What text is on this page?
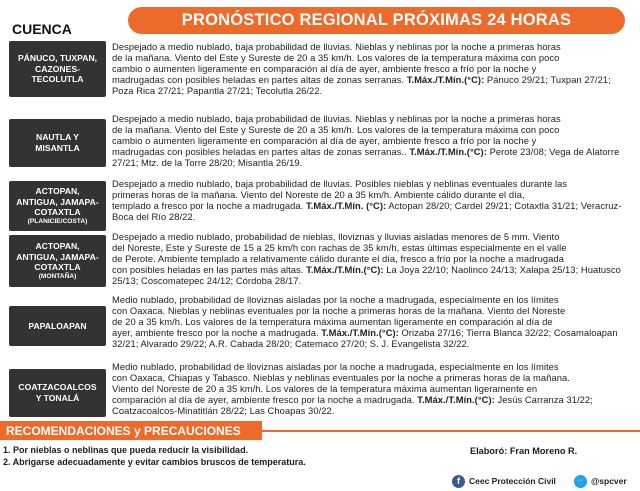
PRONÓSTICO REGIONAL PRÓXIMAS 24 HORAS
CUENCA
PÁNUCO, TUXPAN,
CAZONES-
TECOLUTLA
Despejado a medio nublado, baja probabilidad de lluvias. Nieblas y neblinas por la noche a primeras horas
de la mañana. Viento del Este y Sureste de 20 a 35 km/h. Los valores de la temperatura máxima con poco
cambio o aumenten ligeramente en comparación al día de ayer, ambiente fresco a frío por la noche y
madrugadas con posibles heladas en partes altas de zonas serranas. T.Máx./T.Mín.(°C): Pánuco 29/21; Tuxpan 27/21; Poza Rica 27/21; Papantla 27/21; Tecolutla 26/22.
NAUTLA Y
MISANTLA
Despejado a medio nublado, baja probabilidad de lluvias. Nieblas y neblinas por la noche a primeras horas
de la mañana. Viento del Este y Sureste de 20 a 35 km/h. Los valores de la temperatura máxima con poco
cambio o aumenten ligeramente en comparación al día de ayer, ambiente fresco a frío por la noche y
madrugadas con posibles heladas en partes altas de zonas serranas.. T.Máx./T.Mín.(°C): Perote 23/08; Vega de Alatorre 27/21; Mtz. de la Torre 28/20; Misantla 26/19.
ACTOPAN,
ANTIGUA, JAMAPA-
COTAXTLA
(PLANICIE/COSTA)
Despejado a medio nublado, baja probabilidad de lluvias. Posibles nieblas y neblinas eventuales durante las
primeras horas de la mañana. Viento del Noreste de 20 a 35 km/h. Ambiente cálido durante el día,
templado a fresco por la noche a madrugada. T.Máx./T.Mín. (°C): Actopan 28/20; Cardel 29/21; Cotaxtla 31/21; Veracruz-Boca del Río 28/22.
ACTOPAN,
ANTIGUA, JAMAPA-
COTAXTLA
(MONTAÑA)
Despejado a medio nublado, probabilidad de nieblas, lloviznas y lluvias aisladas menores de 5 mm. Viento
del Noreste, Este y Sureste de 15 a 25 km/h con rachas de 35 km/h, estas últimas especialmente en el valle
de Perote. Ambiente templado a relativamente cálido durante el día, fresco a frío por la noche a madrugada
con posibles heladas en las partes más altas. T.Máx./T.Mín.(°C): La Joya 22/10; Naolinco 24/13; Xalapa 25/13; Huatusco 25/13; Coscomatepec 24/12; Córdoba 28/17.
PAPALOAPAN
Medio nublado, probabilidad de lloviznas aisladas por la noche a madrugada, especialmente en los límites
con Oaxaca. Nieblas y neblinas eventuales por la noche a primeras horas de la mañana. Viento del Noreste
de 20 a 35 km/h. Los valores de la temperatura máxima aumentan ligeramente en comparación al día de
ayer, ambiente fresco por la noche a madrugada. T.Máx./T.Mín.(°C): Orizaba 27/16; Tierra Blanca 32/22; Cosamaloapan 32/21; Alvarado 29/22; A.R. Cabada 28/20; Catemaco 27/20; S. J. Evangelista 32/22.
COATZACOALCOS
Y TONALÁ
Medio nublado, probabilidad de lloviznas aisladas por la noche a madrugada, especialmente en los límites
con Oaxaca, Chiapas y Tabasco. Nieblas y neblinas eventuales por la noche a primeras horas de la mañana.
Viento del Noreste de 20 a 35 km/h. Los valores de la temperatura máxima aumentan ligeramente en
comparación al día de ayer, ambiente fresco por la noche a madrugada. T.Máx./T.Mín.(°C): Jesús Carranza 31/22; Coatzacoalcos-Minatitlán 28/22; Las Choapas 30/22.
RECOMENDACIONES y PRECAUCIONES
1. Por nieblas o neblinas que pueda reducir la visibilidad.
2. Abrigarse adecuadamente y evitar cambios bruscos de temperatura.
Elaboró: Fran Moreno R.
f	Ceec Protección Civil	🐦 @spcver
